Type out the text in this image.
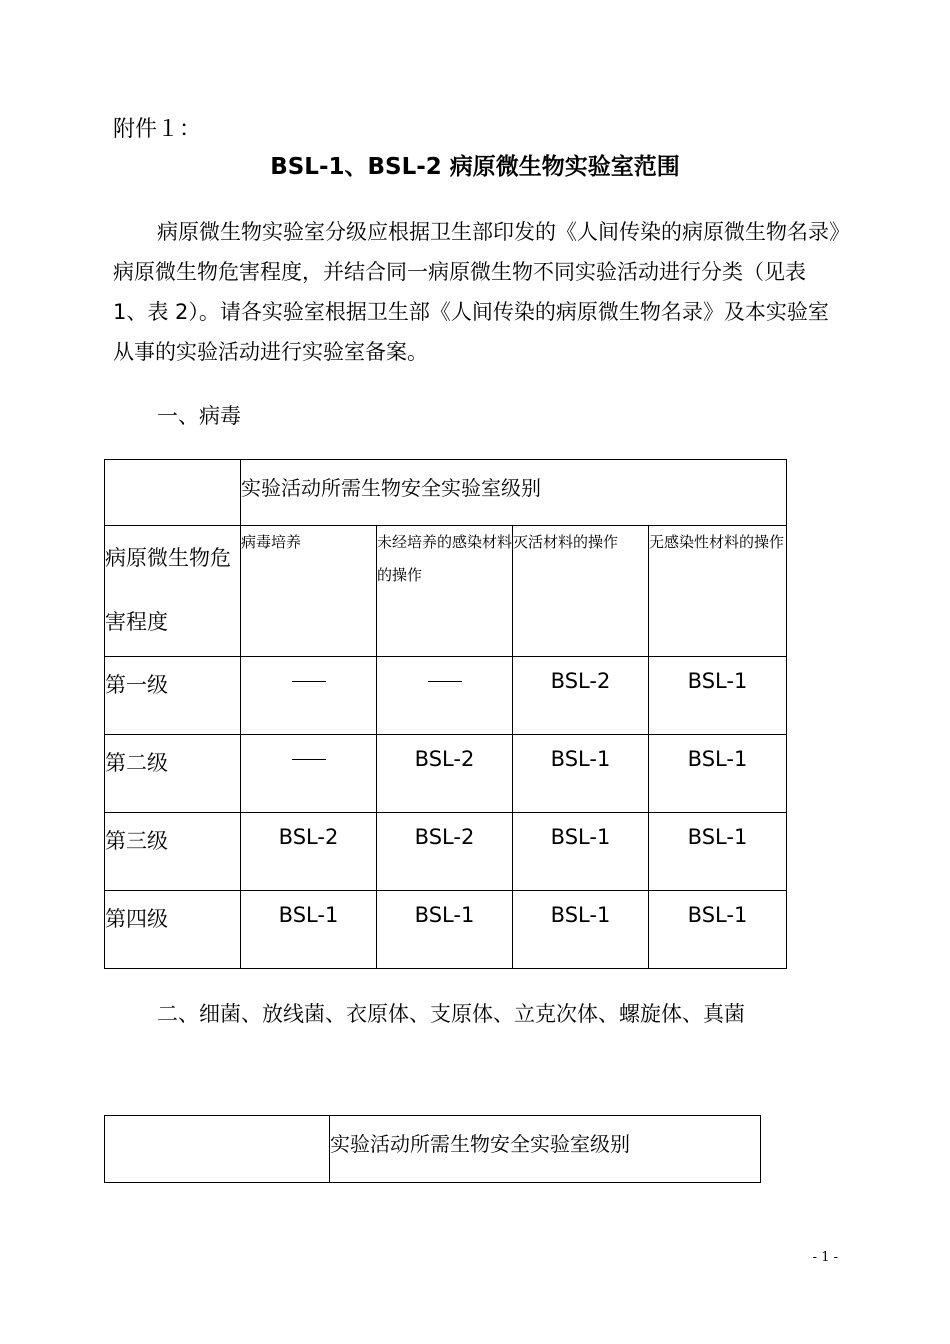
附件１：
BSL-1、BSL-2 病原微生物实验室范围

病原微生物实验室分级应根据卫生部印发的《人间传染的病原微生物名录》病原微生物危害程度，并结合同一病原微生物不同实验活动进行分类（见表 1、表 2）。请各实验室根据卫生部《人间传染的病原微生物名录》及本实验室从事的实验活动进行实验室备案。

一、病毒
	实验活动所需生物安全实验室级别			
病原微生物危害程度	病毒培养	未经培养的感染材料的操作	灭活材料的操作	无感染性材料的操作
第一级			BSL-2	BSL-1
第二级		BSL-2	BSL-1	BSL-1
第三级	BSL-2	BSL-2	BSL-1	BSL-1
第四级	BSL-1	BSL-1	BSL-1	BSL-1
二、细菌、放线菌、衣原体、支原体、立克次体、螺旋体、真菌
	实验活动所需生物安全实验室级别
- 1 -
